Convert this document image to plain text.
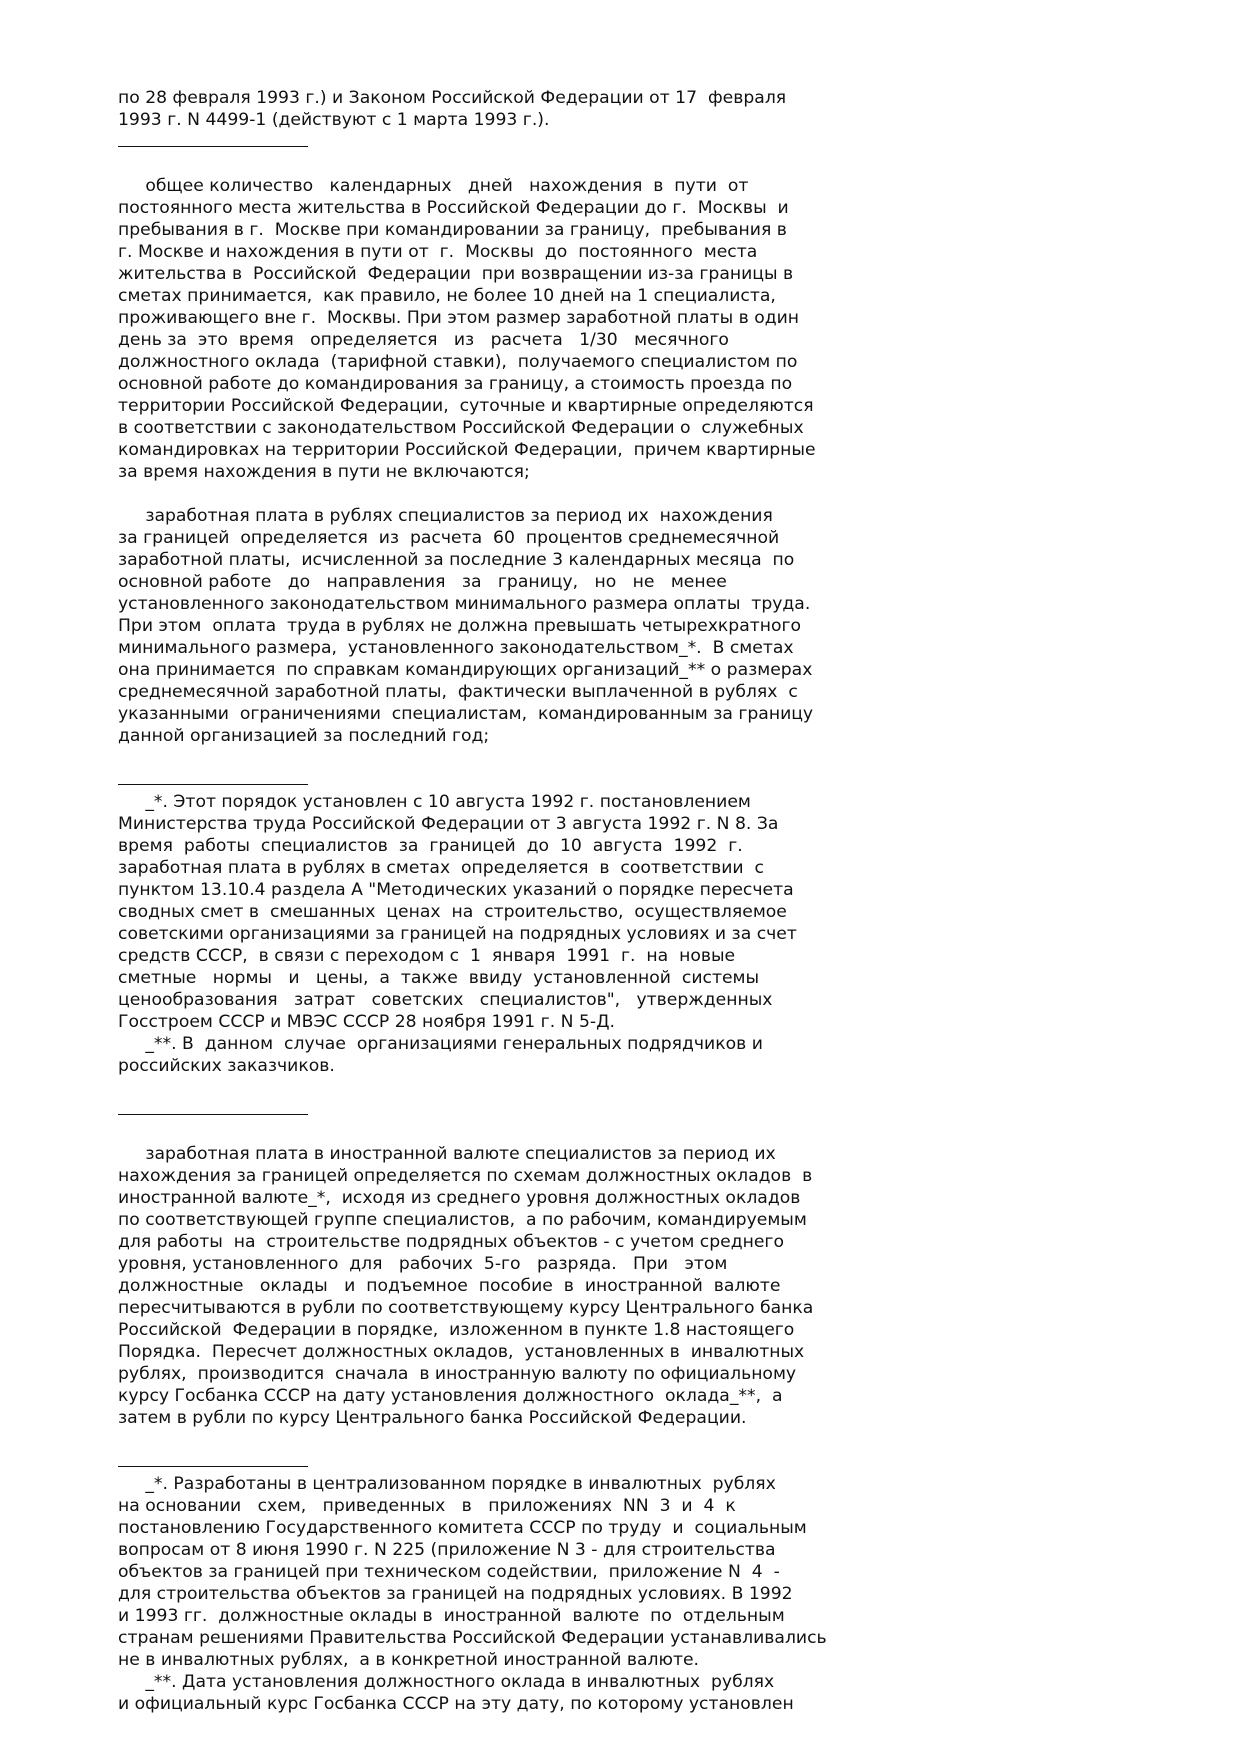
по 28 февраля 1993 г.) и Законом Российской Федерации от 17  февраля
1993 г. N 4499-1 (действуют с 1 марта 1993 г.).
общее количество   календарных   дней   нахождения  в  пути  от
постоянного места жительства в Российской Федерации до г.  Москвы  и
пребывания в г.  Москве при командировании за границу,  пребывания в
г. Москве и нахождения в пути от  г.  Москвы  до  постоянного  места
жительства в  Российской  Федерации  при возвращении из-за границы в
сметах принимается,  как правило, не более 10 дней на 1 специалиста,
проживающего вне г.  Москвы. При этом размер заработной платы в один
день за  это  время   определяется   из   расчета   1/30   месячного
должностного оклада  (тарифной ставки),  получаемого специалистом по
основной работе до командирования за границу, а стоимость проезда по
территории Российской Федерации,  суточные и квартирные определяются
в соответствии с законодательством Российской Федерации о  служебных
командировках на территории Российской Федерации,  причем квартирные
за время нахождения в пути не включаются;
заработная плата в рублях специалистов за период их  нахождения
за границей  определяется  из  расчета  60  процентов среднемесячной
заработной платы,  исчисленной за последние 3 календарных месяца  по
основной работе   до   направления   за   границу,   но   не   менее
установленного законодательством минимального размера оплаты  труда.
При этом  оплата  труда в рублях не должна превышать четырехкратного
минимального размера,  установленного законодательством_*.  В сметах
она принимается  по справкам командирующих организаций_** о размерах
среднемесячной заработной платы,  фактически выплаченной в рублях  с
указанными  ограничениями  специалистам,  командированным за границу
данной организацией за последний год;
_*. Этот порядок установлен с 10 августа 1992 г. постановлением
Министерства труда Российской Федерации от 3 августа 1992 г. N 8. За
время  работы  специалистов  за  границей  до  10  августа  1992  г.
заработная плата в рублях в сметах  определяется  в  соответствии  с
пунктом 13.10.4 раздела А "Методических указаний о порядке пересчета
сводных смет в  смешанных  ценах  на  строительство,  осуществляемое
советскими организациями за границей на подрядных условиях и за счет
средств СССР,  в связи с переходом с  1  января  1991  г.  на  новые
сметные   нормы   и   цены,  а  также  ввиду  установленной  системы
ценообразования   затрат   советских   специалистов",   утвержденных
Госстроем СССР и МВЭС СССР 28 ноября 1991 г. N 5-Д.
_**. В  данном  случае  организациями генеральных подрядчиков и
российских заказчиков.
заработная плата в иностранной валюте специалистов за период их
нахождения за границей определяется по схемам должностных окладов  в
иностранной валюте_*,  исходя из среднего уровня должностных окладов
по соответствующей группе специалистов,  а по рабочим, командируемым
для работы  на  строительстве подрядных объектов - с учетом среднего
уровня, установленного  для   рабочих  5-го   разряда.   При   этом
должностные   оклады   и  подъемное  пособие  в  иностранной  валюте
пересчитываются в рубли по соответствующему курсу Центрального банка
Российской  Федерации в порядке,  изложенном в пункте 1.8 настоящего
Порядка.  Пересчет должностных окладов,  установленных в  инвалютных
рублях,  производится  сначала  в иностранную валюту по официальному
курсу Госбанка СССР на дату установления должностного  оклада_**,  а
затем в рубли по курсу Центрального банка Российской Федерации.
_*. Разработаны в централизованном порядке в инвалютных  рублях
на основании   схем,   приведенных   в   приложениях  NN  3  и  4  к
постановлению Государственного комитета СССР по труду  и  социальным
вопросам от 8 июня 1990 г. N 225 (приложение N 3 - для строительства
объектов за границей при техническом содействии,  приложение N  4  -
для строительства объектов за границей на подрядных условиях. В 1992
и 1993 гг.  должностные оклады в  иностранной  валюте  по  отдельным
странам решениями Правительства Российской Федерации устанавливались
не в инвалютных рублях,  а в конкретной иностранной валюте.
_**. Дата установления должностного оклада в инвалютных  рублях
и официальный курс Госбанка СССР на эту дату, по которому установлен
